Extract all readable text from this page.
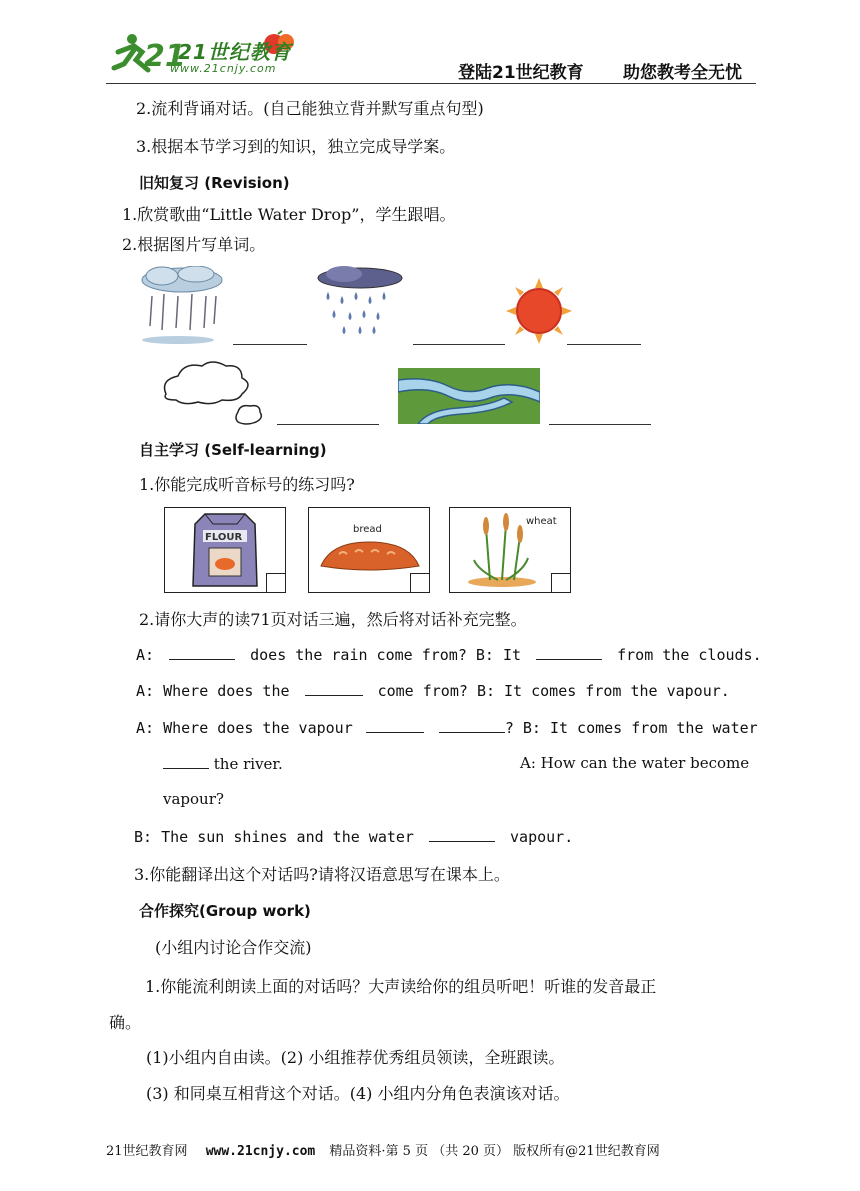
21
21世纪教育
www.21cnjy.com	登陆21世纪教育 助您教考全无忧
2.流利背诵对话。(自己能独立背并默写重点句型)
3.根据本节学习到的知识，独立完成导学案。
旧知复习 (Revision)
1.欣赏歌曲“Little Water Drop”，学生跟唱。
2.根据图片写单词。
自主学习 (Self-learning)
1.你能完成听音标号的练习吗?
FLOUR
bread
wheat
2.请你大声的读71页对话三遍，然后将对话补充完整。
A:	does the rain come from? B: It	from the clouds.
A: Where does the	come from? B: It comes from the vapour.
A: Where does the vapour	? B: It comes from the water
the river.	A: How can the water become
vapour?
B: The sun shines and the water	vapour.
3.你能翻译出这个对话吗?请将汉语意思写在课本上。
合作探究(Group work)
(小组内讨论合作交流)
1.你能流利朗读上面的对话吗？大声读给你的组员听吧！听谁的发音最正
确。
(1)小组内自由读。(2) 小组推荐优秀组员领读，全班跟读。
(3) 和同桌互相背这个对话。(4) 小组内分角色表演该对话。
21世纪教育网 www.21cnjy.com 精品资料·第 5 页 （共 20 页） 版权所有@21世纪教育网
